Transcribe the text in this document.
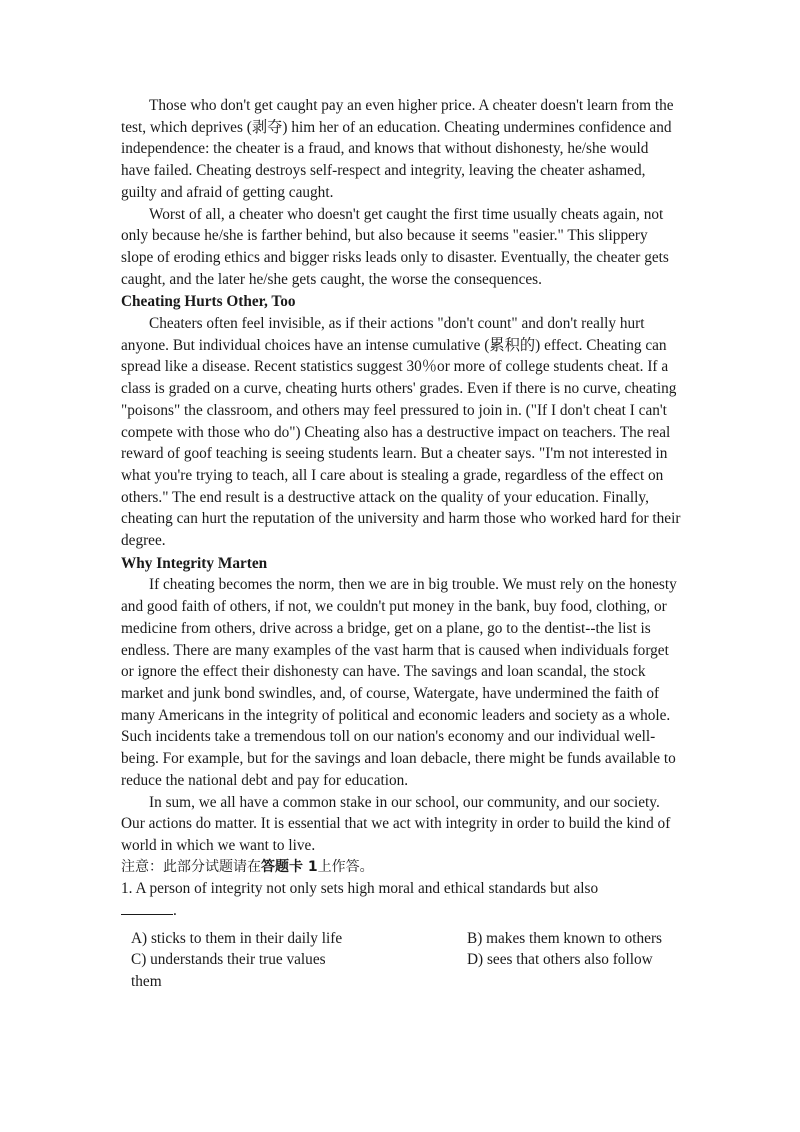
Those who don't get caught pay an even higher price. A cheater doesn't learn from the test, which deprives (剥夺) him her of an education. Cheating undermines confidence and independence: the cheater is a fraud, and knows that without dishonesty, he/she would have failed. Cheating destroys self-respect and integrity, leaving the cheater ashamed, guilty and afraid of getting caught.

Worst of all, a cheater who doesn't get caught the first time usually cheats again, not only because he/she is farther behind, but also because it seems "easier." This slippery slope of eroding ethics and bigger risks leads only to disaster. Eventually, the cheater gets caught, and the later he/she gets caught, the worse the consequences.

Cheating Hurts Other, Too

Cheaters often feel invisible, as if their actions "don't count" and don't really hurt anyone. But individual choices have an intense cumulative (累积的) effect. Cheating can spread like a disease. Recent statistics suggest 30％or more of college students cheat. If a class is graded on a curve, cheating hurts others' grades. Even if there is no curve, cheating "poisons" the classroom, and others may feel pressured to join in. ("If I don't cheat I can't compete with those who do") Cheating also has a destructive impact on teachers. The real reward of goof teaching is seeing students learn. But a cheater says. "I'm not interested in what you're trying to teach, all I care about is stealing a grade, regardless of the effect on others." The end result is a destructive attack on the quality of your education. Finally, cheating can hurt the reputation of the university and harm those who worked hard for their degree.

Why Integrity Marten

If cheating becomes the norm, then we are in big trouble. We must rely on the honesty and good faith of others, if not, we couldn't put money in the bank, buy food, clothing, or medicine from others, drive across a bridge, get on a plane, go to the dentist--the list is endless. There are many examples of the vast harm that is caused when individuals forget or ignore the effect their dishonesty can have. The savings and loan scandal, the stock market and junk bond swindles, and, of course, Watergate, have undermined the faith of many Americans in the integrity of political and economic leaders and society as a whole. Such incidents take a tremendous toll on our nation's economy and our individual well-being. For example, but for the savings and loan debacle, there might be funds available to reduce the national debt and pay for education.

In sum, we all have a common stake in our school, our community, and our society. Our actions do matter. It is essential that we act with integrity in order to build the kind of world in which we want to live.

注意：此部分试题请在答题卡 1上作答。

1. A person of integrity not only sets high moral and ethical standards but also
.

A) sticks to them in their daily life	B) makes them known to others

C) understands their true values	D) sees that others also follow

them
